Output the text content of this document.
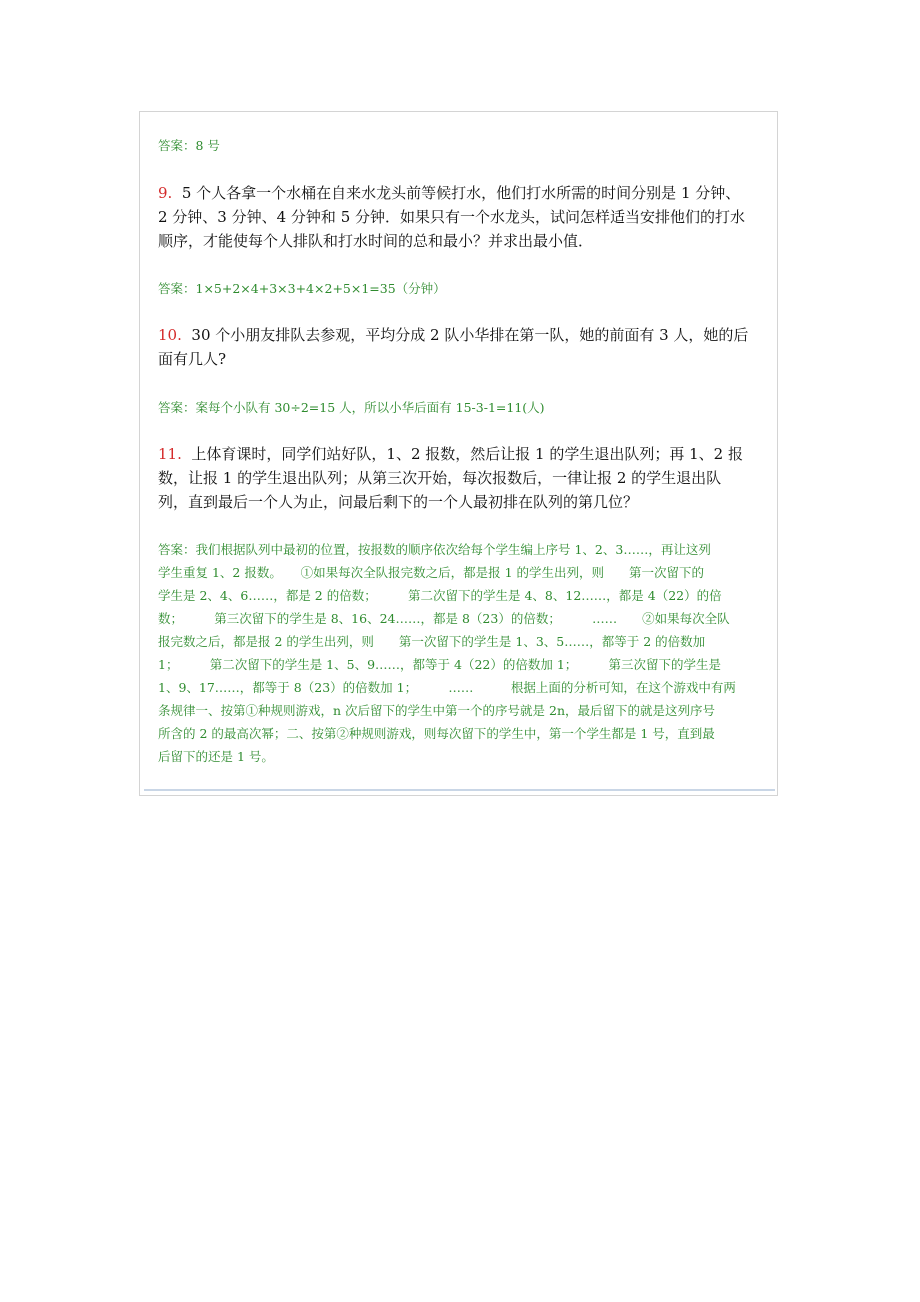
答案：8 号
9. 5 个人各拿一个水桶在自来水龙头前等候打水，他们打水所需的时间分别是 1 分钟、
2 分钟、3 分钟、4 分钟和 5 分钟．如果只有一个水龙头，试问怎样适当安排他们的打水
顺序，才能使每个人排队和打水时间的总和最小？并求出最小值．
答案：1×5+2×4+3×3+4×2+5×1=35（分钟）
10. 30 个小朋友排队去参观，平均分成 2 队小华排在第一队，她的前面有 3 人，她的后
面有几人?
答案：案每个小队有 30÷2=15 人，所以小华后面有 15-3-1=11(人)
11. 上体育课时，同学们站好队，1、2 报数，然后让报 1 的学生退出队列；再 1、2 报
数，让报 1 的学生退出队列；从第三次开始，每次报数后，一律让报 2 的学生退出队
列，直到最后一个人为止，问最后剩下的一个人最初排在队列的第几位？
答案：我们根据队列中最初的位置，按报数的顺序依次给每个学生编上序号 1、2、3……，再让这列
学生重复 1、2 报数。　　①如果每次全队报完数之后，都是报 1 的学生出列，则　　第一次留下的
学生是 2、4、6……，都是 2 的倍数；　　　第二次留下的学生是 4、8、12……，都是 4（22）的倍
数；　　　第三次留下的学生是 8、16、24……，都是 8（23）的倍数；　　　……　　②如果每次全队
报完数之后，都是报 2 的学生出列，则　　第一次留下的学生是 1、3、5……，都等于 2 的倍数加
1；　　　第二次留下的学生是 1、5、9……，都等于 4（22）的倍数加 1；　　　第三次留下的学生是
1、9、17……，都等于 8（23）的倍数加 1；　　　……　　　根据上面的分析可知，在这个游戏中有两
条规律一、按第①种规则游戏，n 次后留下的学生中第一个的序号就是 2n，最后留下的就是这列序号
所含的 2 的最高次幂；二、按第②种规则游戏，则每次留下的学生中，第一个学生都是 1 号，直到最
后留下的还是 1 号。
